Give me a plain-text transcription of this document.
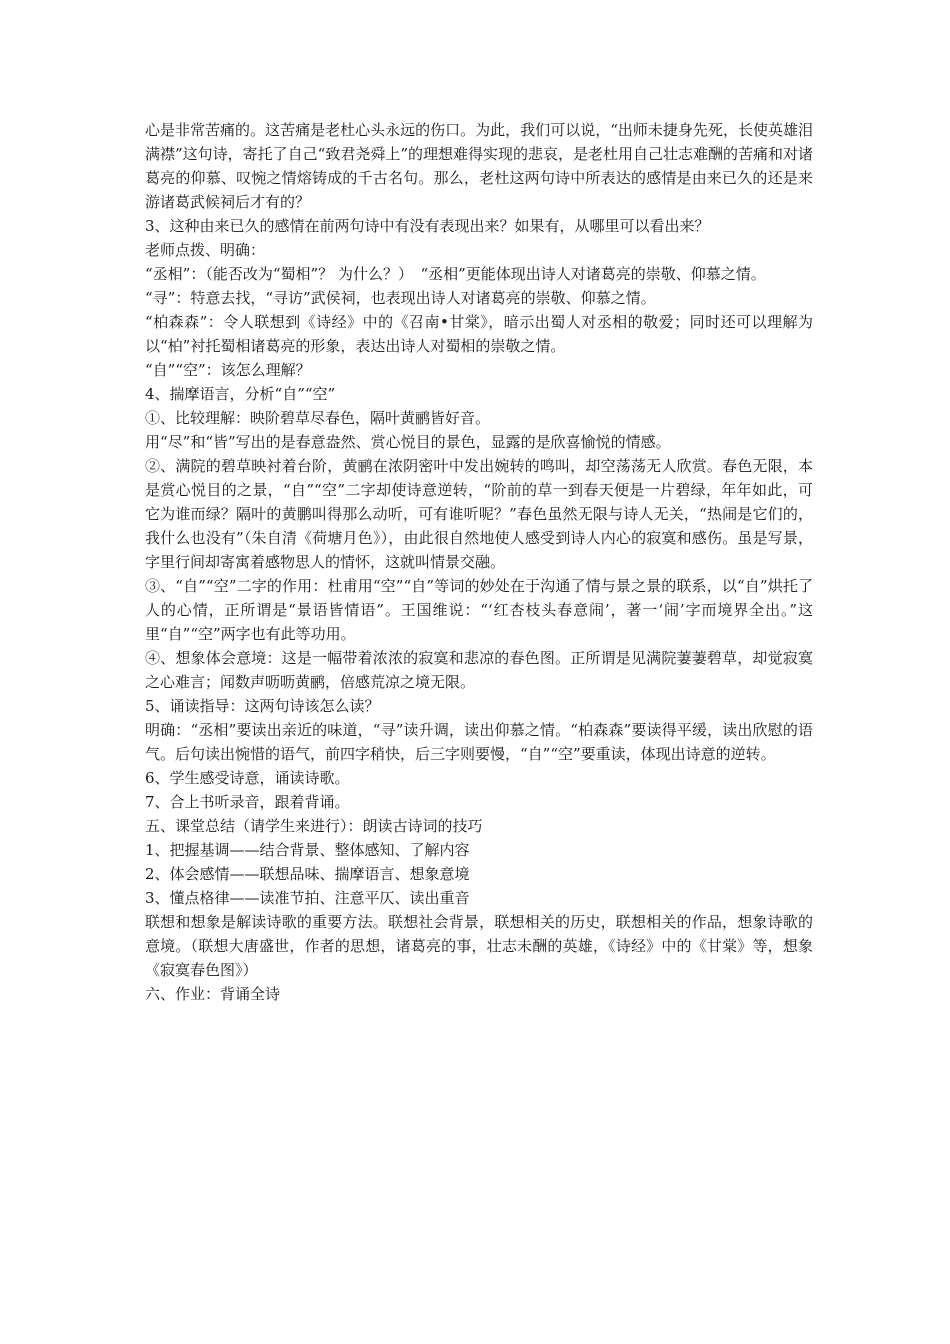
心是非常苦痛的。这苦痛是老杜心头永远的伤口。为此，我们可以说，“出师未捷身先死，长使英雄泪满襟”这句诗，寄托了自己“致君尧舜上”的理想难得实现的悲哀，是老杜用自己壮志难酬的苦痛和对诸葛亮的仰慕、叹惋之情熔铸成的千古名句。那么，老杜这两句诗中所表达的感情是由来已久的还是来游诸葛武候祠后才有的？

3、这种由来已久的感情在前两句诗中有没有表现出来？如果有，从哪里可以看出来？

老师点拨、明确：

“丞相”：（能否改为“蜀相”？ 为什么？）　“丞相”更能体现出诗人对诸葛亮的崇敬、仰慕之情。

“寻”：特意去找，“寻访”武侯祠，也表现出诗人对诸葛亮的崇敬、仰慕之情。

“柏森森”：令人联想到《诗经》中的《召南•甘棠》，暗示出蜀人对丞相的敬爱；同时还可以理解为以“柏”衬托蜀相诸葛亮的形象，表达出诗人对蜀相的崇敬之情。

“自”“空”：该怎么理解？

4、揣摩语言，分析“自”“空”

①、比较理解：映阶碧草尽春色，隔叶黄鹂皆好音。

用“尽”和“皆”写出的是春意盎然、赏心悦目的景色，显露的是欣喜愉悦的情感。

②、满院的碧草映衬着台阶，黄鹂在浓阴密叶中发出婉转的鸣叫，却空荡荡无人欣赏。春色无限，本是赏心悦目的之景，“自”“空”二字却使诗意逆转，“阶前的草一到春天便是一片碧绿，年年如此，可它为谁而绿？隔叶的黄鹏叫得那么动听，可有谁听呢？”春色虽然无限与诗人无关，“热闹是它们的，我什么也没有”（朱自清《荷塘月色》），由此很自然地使人感受到诗人内心的寂寞和感伤。虽是写景，字里行间却寄寓着感物思人的情怀，这就叫情景交融。

③、“自”“空”二字的作用：杜甫用“空”“自”等词的妙处在于沟通了情与景之景的联系，以“自”烘托了人的心情，正所谓是“景语皆情语”。王国维说：“‘红杏枝头春意闹’，著一‘闹’字而境界全出。”这里“自”“空”两字也有此等功用。

④、想象体会意境：这是一幅带着浓浓的寂寞和悲凉的春色图。正所谓是见满院萋萋碧草，却觉寂寞之心难言；闻数声呖呖黄鹂，倍感荒凉之境无限。

5、诵读指导：这两句诗该怎么读？

明确：“丞相”要读出亲近的味道，“寻”读升调，读出仰慕之情。“柏森森”要读得平缓，读出欣慰的语气。后句读出惋惜的语气，前四字稍快，后三字则要慢，“自”“空”要重读，体现出诗意的逆转。

6、学生感受诗意，诵读诗歌。

7、合上书听录音，跟着背诵。

五、课堂总结（请学生来进行）：朗读古诗词的技巧

1、把握基调——结合背景、整体感知、了解内容

2、体会感情——联想品味、揣摩语言、想象意境

3、懂点格律——读准节拍、注意平仄、读出重音

联想和想象是解读诗歌的重要方法。联想社会背景，联想相关的历史，联想相关的作品，想象诗歌的意境。（联想大唐盛世，作者的思想，诸葛亮的事，壮志未酬的英雄，《诗经》中的《甘棠》等，想象《寂寞春色图》）

六、作业：背诵全诗
